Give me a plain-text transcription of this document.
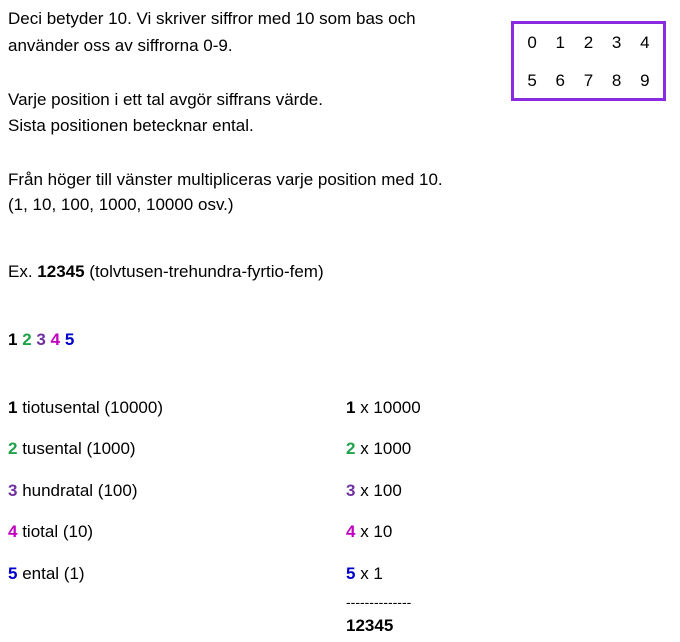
Deci betyder 10. Vi skriver siffror med 10 som bas och
använder oss av siffrorna 0-9.
Varje position i ett tal avgör siffrans värde.
Sista positionen betecknar ental.
Från höger till vänster multipliceras varje position med 10.
(1, 10, 100, 1000, 10000 osv.)
0	1	2	3	4
5	6	7	8	9
Ex. 12345 (tolvtusen-trehundra-fyrtio-fem)
1 2 3 4 5
1 tiotusental (10000)
2 tusental (1000)
3 hundratal (100)
4 tiotal (10)
5 ental (1)
1 x 10000
2 x 1000
3 x 100
4 x 10
5 x 1
--------------
12345
